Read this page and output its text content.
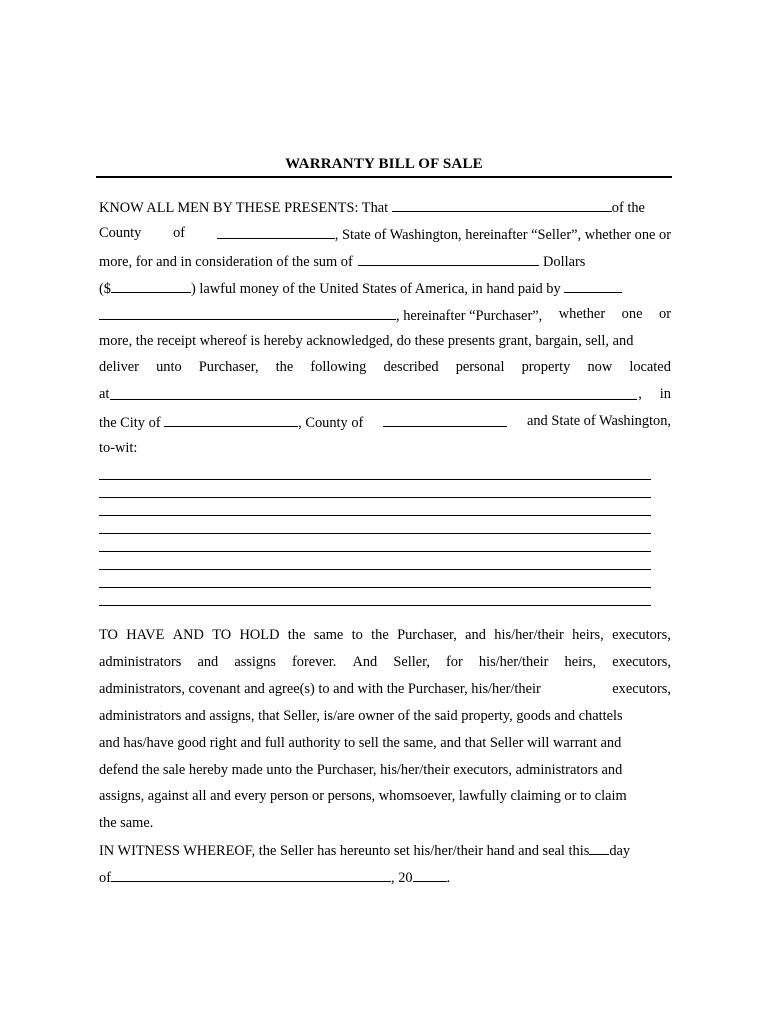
WARRANTY BILL OF SALE
KNOW ALL MEN BY THESE PRESENTS: That	of the
County of	, State of Washington, hereinafter “Seller”, whether one or
more, for and in consideration of the sum of	Dollars
($	) lawful money of the United States of America, in hand paid by
, hereinafter “Purchaser”, whether one or
more, the receipt whereof is hereby acknowledged, do these presents grant, bargain, sell, and
deliver unto Purchaser, the following described personal property now located
at	,     in
the City of	, County of	and State of Washington,
to-wit:
TO HAVE AND TO HOLD the same to the Purchaser, and his/her/their heirs, executors,
administrators and assigns forever. And Seller, for his/her/their heirs, executors,
administrators, covenant and agree(s) to and with the Purchaser, his/her/their	executors,
administrators and assigns, that Seller, is/are owner of the said property, goods and chattels
and has/have good right and full authority to sell the same, and that Seller will warrant and
defend the sale hereby made unto the Purchaser, his/her/their executors, administrators and
assigns, against all and every person or persons, whomsoever, lawfully claiming or to claim
the same.
IN WITNESS WHEREOF, the Seller has hereunto set his/her/their hand and seal this day
of	, 20 .
